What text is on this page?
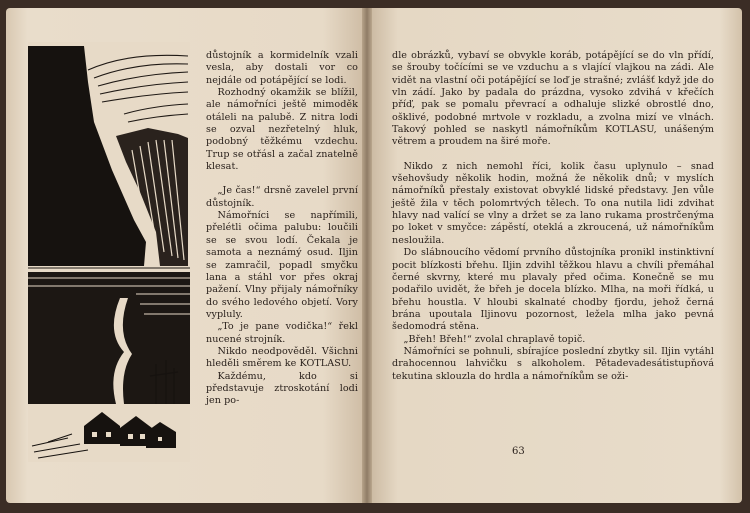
důstojník a kormidelník vzali vesla, aby dostali vor co nejdále od potápějící se lodi.

Rozhodný okamžik se blížil, ale námořníci ještě mimoděk otáleli na palubě. Z nitra lodi se ozval nezřetelný hluk, podobný těžkému vzdechu. Trup se otřásl a začal znatelně klesat.

„Je čas!“ drsně zavelel první důstojník.

Námořníci se napřímili, přelétli očima palubu: loučili se se svou lodí. Čekala je samota a neznámý osud. Iljin se zamračil, popadl smyčku lana a stáhl vor přes okraj pažení. Vlny přijaly námořníky do svého ledového objetí. Vory vypluly.

„To je pane vodička!“ řekl nucené strojník.

Nikdo neodpověděl. Všichni hleděli směrem ke KOTLASU.

Každému, kdo si představuje ztroskotání lodi jen po-

dle obrázků, vybaví se obvykle koráb, potápějící se do vln přídí, se šrouby točícími se ve vzduchu a s vlající vlajkou na zádi. Ale vidět na vlastní oči potápějící se loď je strašné; zvlášť když jde do vln zádí. Jako by padala do prázdna, vysoko zdvihá v křečích příď, pak se pomalu převrací a odhaluje slizké obrostlé dno, ošklivé, podobné mrtvole v rozkladu, a zvolna mizí ve vlnách. Takový pohled se naskytl námořníkům KOTLASU, unášeným větrem a proudem na širé moře.

Nikdo z nich nemohl říci, kolik času uplynulo – snad všehovšudy několik hodin, možná že několik dnů; v myslích námořníků přestaly existovat obvyklé lidské představy. Jen vůle ještě žila v těch polomrtvých tělech. To ona nutila lidi zdvihat hlavy nad valící se vlny a držet se za lano rukama prostrčenýma po loket v smyčce: zápěstí, oteklá a zkroucená, už námořníkům nesloužila.

Do slábnoucího vědomí prvního důstojníka pronikl instinktivní pocit blízkosti břehu. Iljin zdvihl těžkou hlavu a chvíli přemáhal černé skvrny, které mu plavaly před očima. Konečně se mu podařilo uvidět, že břeh je docela blízko. Mlha, na moři řídká, u břehu houstla. V hloubi skalnaté chodby fjordu, jehož černá brána upoutala Iljinovu pozornost, ležela mlha jako pevná šedomodrá stěna.

„Břeh! Břeh!“ zvolal chraplavě topič.

Námořníci se pohnuli, sbírajíce poslední zbytky sil. Iljin vytáhl drahocennou lahvičku s alkoholem. Pětadevadesátistupňová tekutina sklouzla do hrdla a námořníkům se oži-

63
